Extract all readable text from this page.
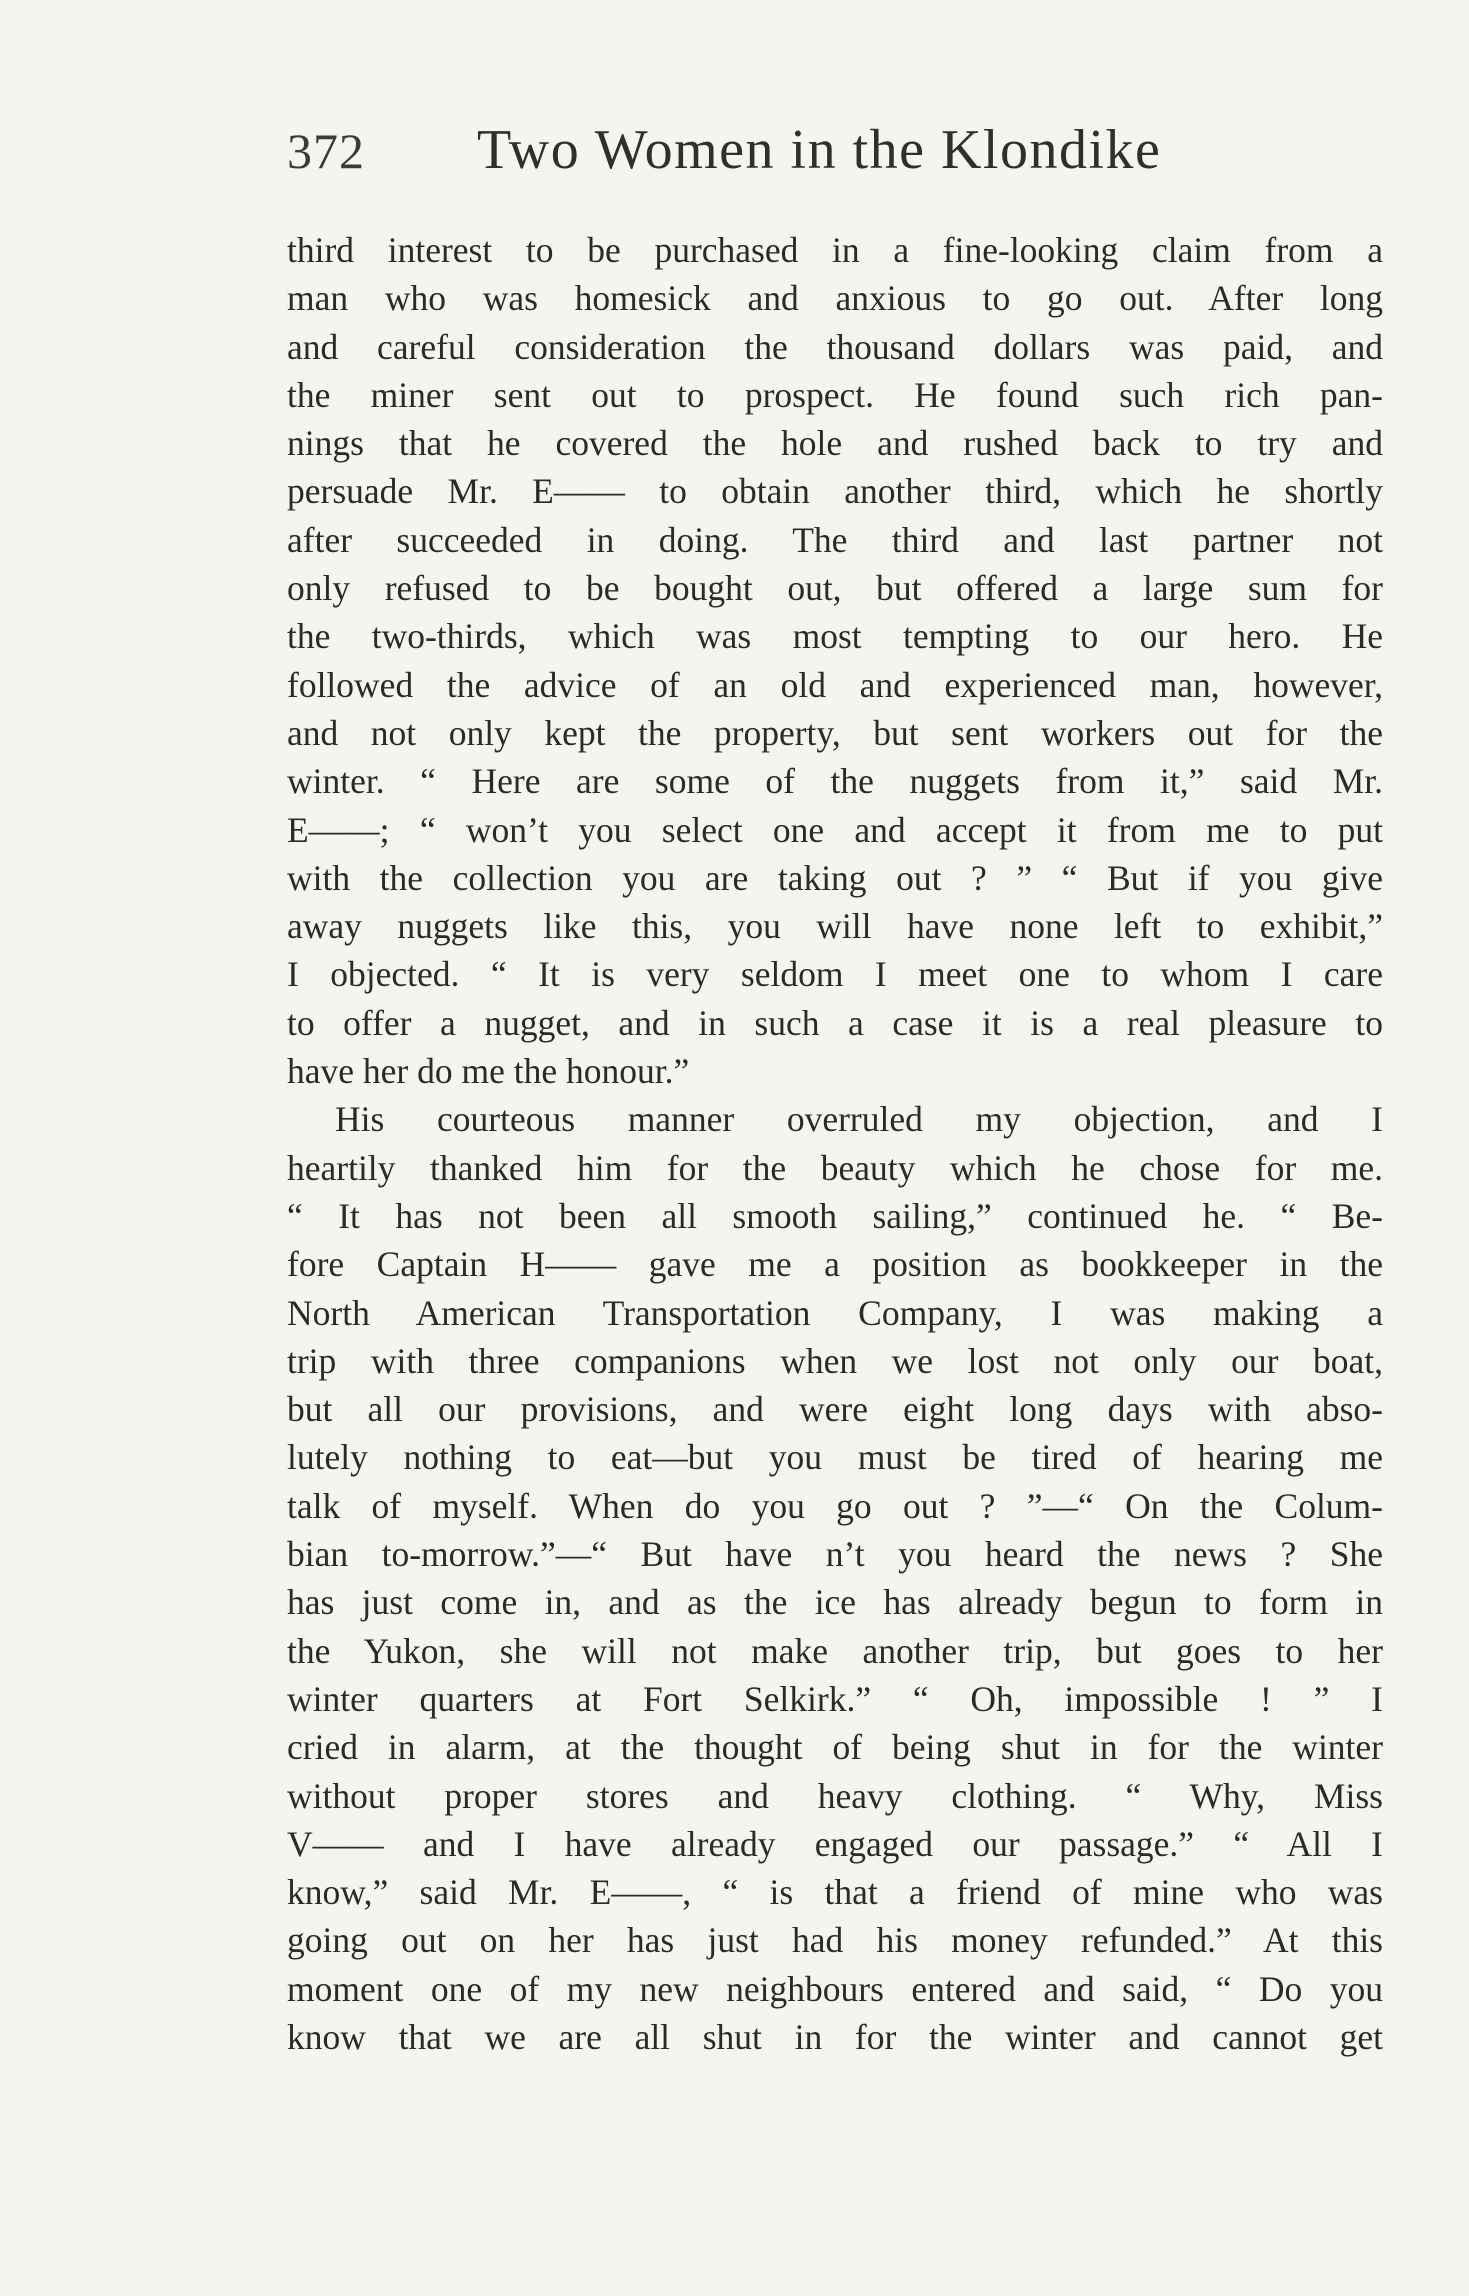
372 Two Women in the Klondike
third interest to be purchased in a fine-looking claim from a
man who was homesick and anxious to go out. After long
and careful consideration the thousand dollars was paid, and
the miner sent out to prospect. He found such rich pan-
nings that he covered the hole and rushed back to try and
persuade Mr. E—— to obtain another third, which he shortly
after succeeded in doing. The third and last partner not
only refused to be bought out, but offered a large sum for
the two-thirds, which was most tempting to our hero. He
followed the advice of an old and experienced man, however,
and not only kept the property, but sent workers out for the
winter. “ Here are some of the nuggets from it,” said Mr.
E——; “ won’t you select one and accept it from me to put
with the collection you are taking out ? ” “ But if you give
away nuggets like this, you will have none left to exhibit,”
I objected. “ It is very seldom I meet one to whom I care
to offer a nugget, and in such a case it is a real pleasure to
have her do me the honour.”
His courteous manner overruled my objection, and I
heartily thanked him for the beauty which he chose for me.
“ It has not been all smooth sailing,” continued he. “ Be-
fore Captain H—— gave me a position as bookkeeper in the
North American Transportation Company, I was making a
trip with three companions when we lost not only our boat,
but all our provisions, and were eight long days with abso-
lutely nothing to eat—but you must be tired of hearing me
talk of myself. When do you go out ? ”—“ On the Colum-
bian to-morrow.”—“ But have n’t you heard the news ? She
has just come in, and as the ice has already begun to form in
the Yukon, she will not make another trip, but goes to her
winter quarters at Fort Selkirk.” “ Oh, impossible ! ” I
cried in alarm, at the thought of being shut in for the winter
without proper stores and heavy clothing. “ Why, Miss
V—— and I have already engaged our passage.” “ All I
know,” said Mr. E——, “ is that a friend of mine who was
going out on her has just had his money refunded.” At this
moment one of my new neighbours entered and said, “ Do you
know that we are all shut in for the winter and cannot get
